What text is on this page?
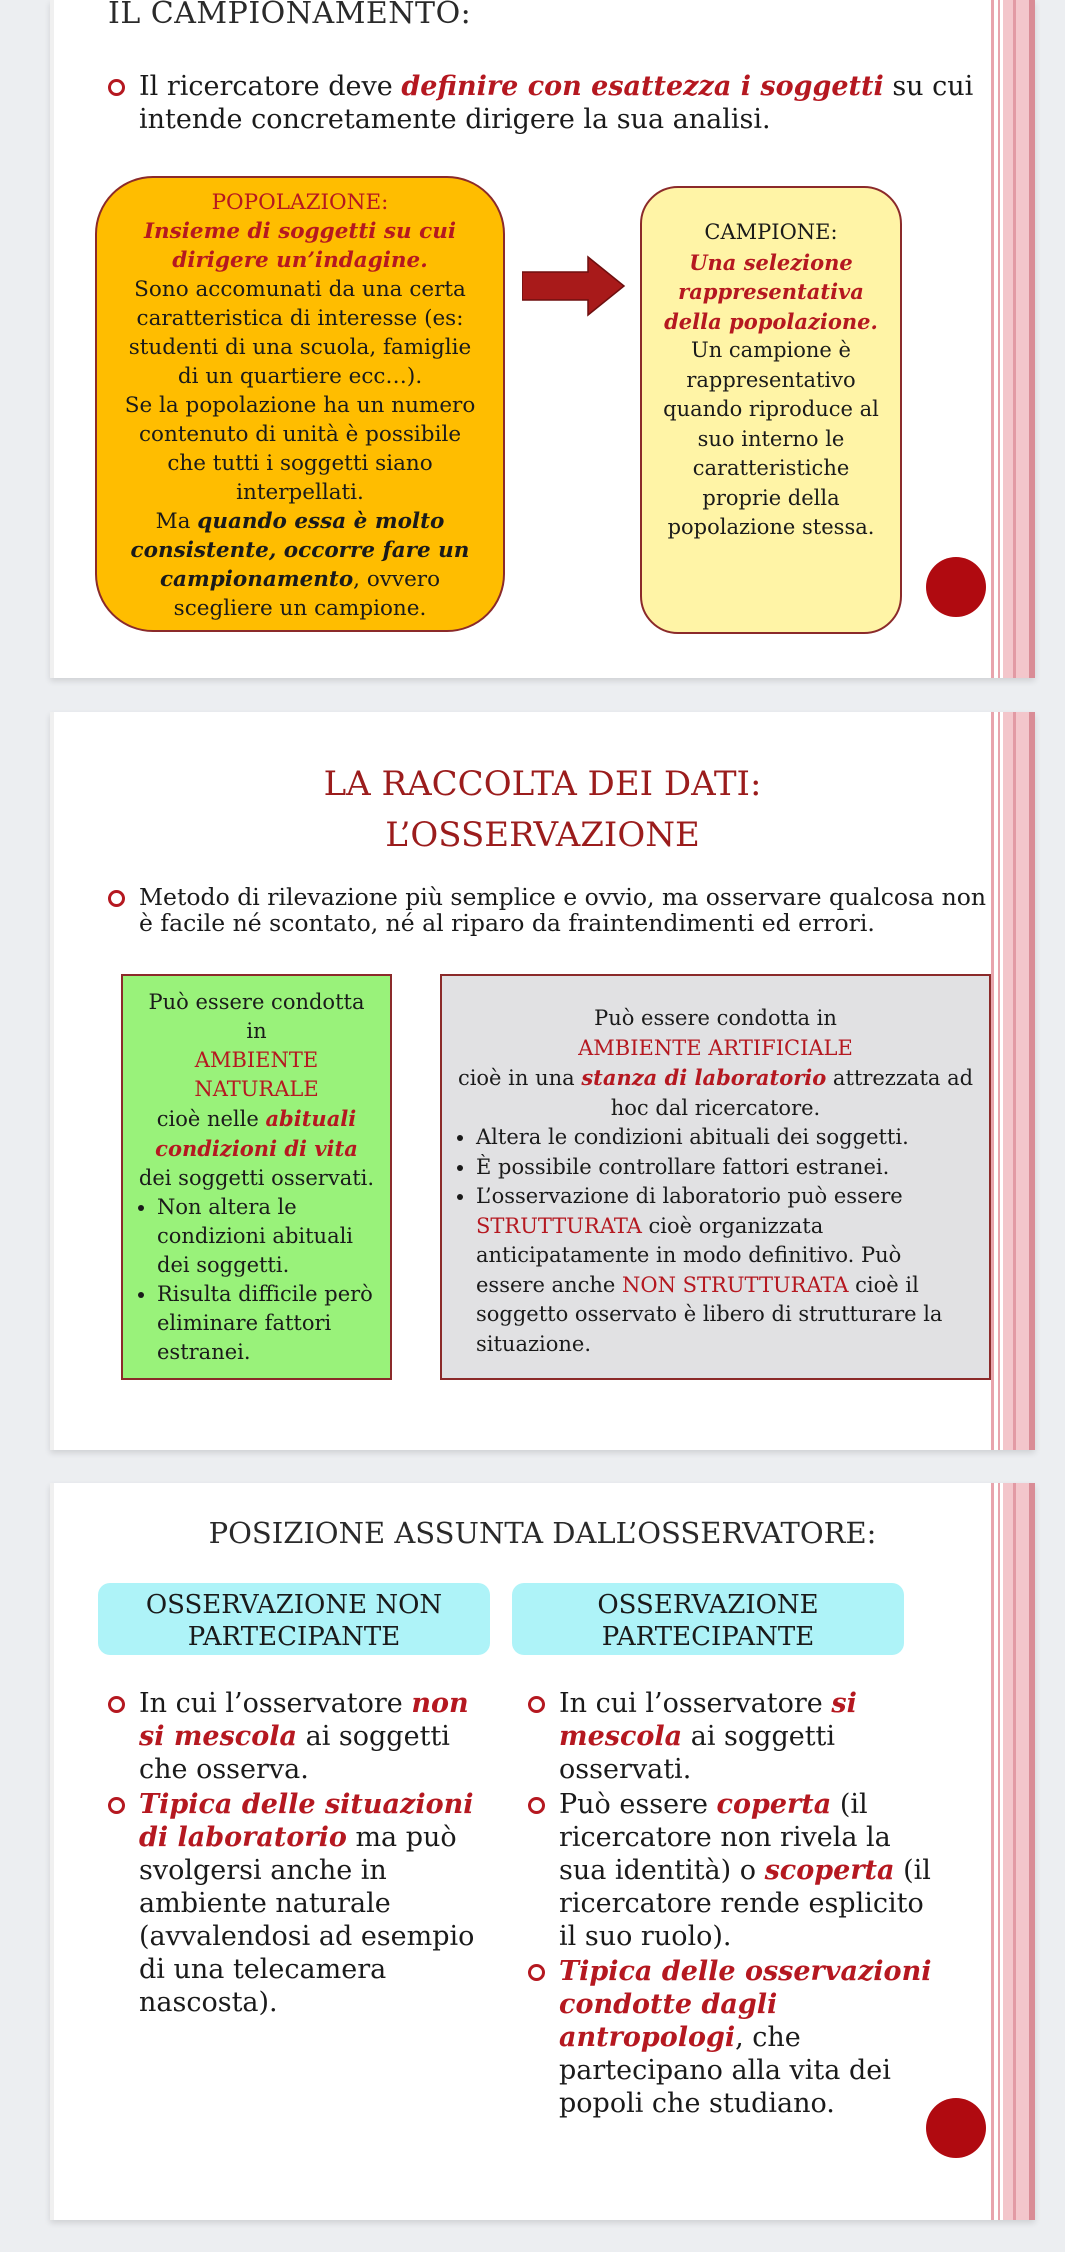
IL CAMPIONAMENTO:
Il ricercatore deve definire con esattezza i soggetti su cui intende concretamente dirigere la sua analisi.
POPOLAZIONE:
Insieme di soggetti su cui dirigere un’indagine.
Sono accomunati da una certa caratteristica di interesse (es: studenti di una scuola, famiglie di un quartiere ecc…).
Se la popolazione ha un numero contenuto di unità è possibile che tutti i soggetti siano interpellati.
Ma quando essa è molto consistente, occorre fare un campionamento, ovvero scegliere un campione.
CAMPIONE:
Una selezione rappresentativa della popolazione.
Un campione è rappresentativo quando riproduce al suo interno le caratteristiche proprie della popolazione stessa.
LA RACCOLTA DEI DATI:
L’OSSERVAZIONE
Metodo di rilevazione più semplice e ovvio, ma osservare qualcosa non è facile né scontato, né al riparo da fraintendimenti ed errori.
Può essere condotta in
AMBIENTE NATURALE
cioè nelle abituali condizioni di vita dei soggetti osservati.
• Non altera le condizioni abituali dei soggetti.
• Risulta difficile però eliminare fattori estranei.
Può essere condotta in
AMBIENTE ARTIFICIALE
cioè in una stanza di laboratorio attrezzata ad hoc dal ricercatore.
• Altera le condizioni abituali dei soggetti.
• È possibile controllare fattori estranei.
• L’osservazione di laboratorio può essere STRUTTURATA cioè organizzata anticipatamente in modo definitivo. Può essere anche NON STRUTTURATA cioè il soggetto osservato è libero di strutturare la situazione.
POSIZIONE ASSUNTA DALL’OSSERVATORE:
OSSERVAZIONE NON PARTECIPANTE
OSSERVAZIONE PARTECIPANTE
In cui l’osservatore non si mescola ai soggetti che osserva.
Tipica delle situazioni di laboratorio ma può svolgersi anche in ambiente naturale (avvalendosi ad esempio di una telecamera nascosta).
In cui l’osservatore si mescola ai soggetti osservati.
Può essere coperta (il ricercatore non rivela la sua identità) o scoperta (il ricercatore rende esplicito il suo ruolo).
Tipica delle osservazioni condotte dagli antropologi, che partecipano alla vita dei popoli che studiano.
